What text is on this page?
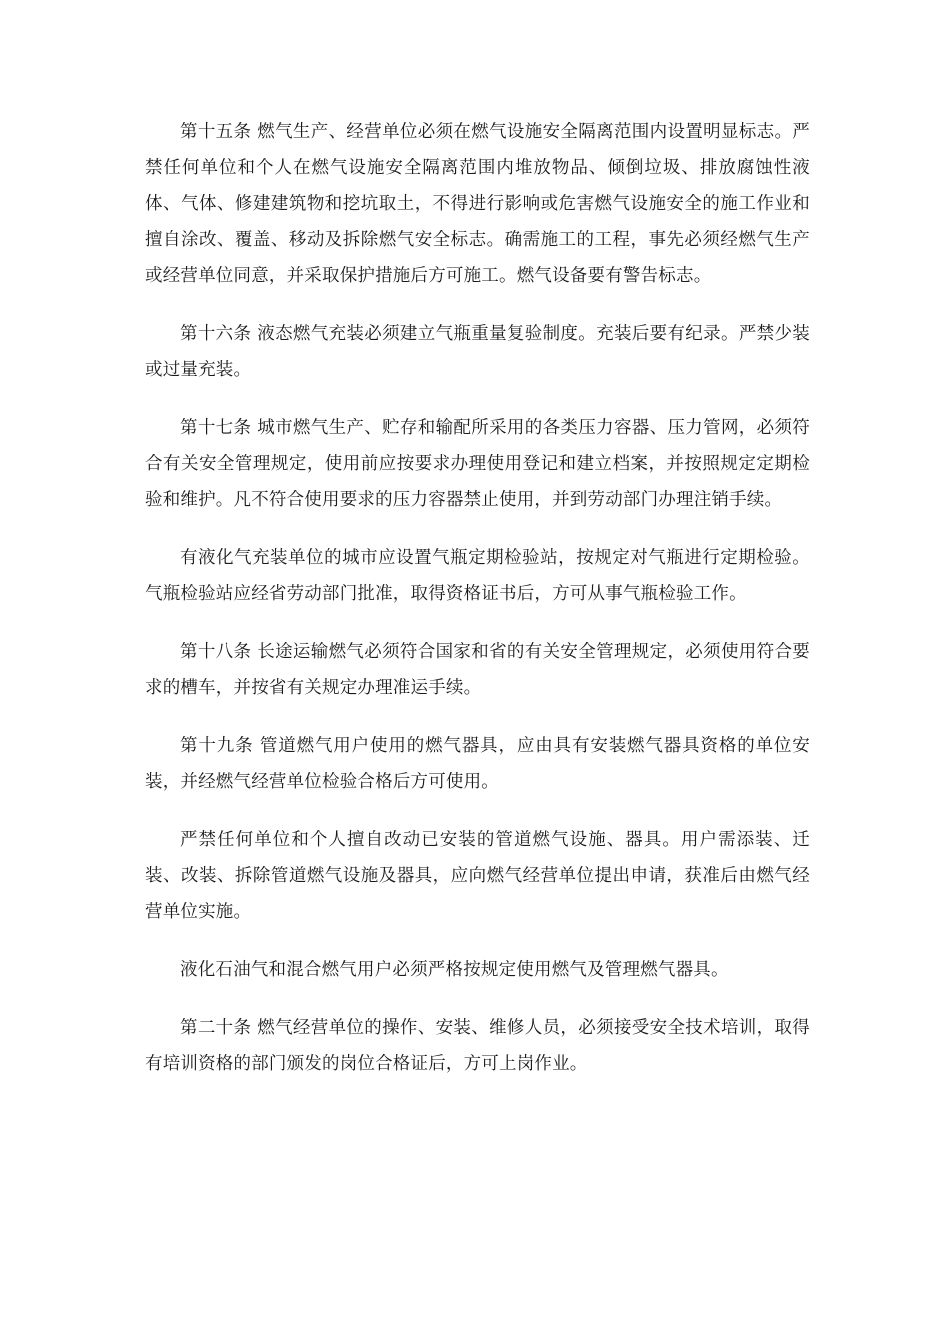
第十五条 燃气生产、经营单位必须在燃气设施安全隔离范围内设置明显标志。严禁任何单位和个人在燃气设施安全隔离范围内堆放物品、倾倒垃圾、排放腐蚀性液体、气体、修建建筑物和挖坑取土，不得进行影响或危害燃气设施安全的施工作业和擅自涂改、覆盖、移动及拆除燃气安全标志。确需施工的工程，事先必须经燃气生产或经营单位同意，并采取保护措施后方可施工。燃气设备要有警告标志。

第十六条 液态燃气充装必须建立气瓶重量复验制度。充装后要有纪录。严禁少装或过量充装。

第十七条 城市燃气生产、贮存和输配所采用的各类压力容器、压力管网，必须符合有关安全管理规定，使用前应按要求办理使用登记和建立档案，并按照规定定期检验和维护。凡不符合使用要求的压力容器禁止使用，并到劳动部门办理注销手续。

有液化气充装单位的城市应设置气瓶定期检验站，按规定对气瓶进行定期检验。气瓶检验站应经省劳动部门批准，取得资格证书后，方可从事气瓶检验工作。

第十八条 长途运输燃气必须符合国家和省的有关安全管理规定，必须使用符合要求的槽车，并按省有关规定办理准运手续。

第十九条 管道燃气用户使用的燃气器具，应由具有安装燃气器具资格的单位安装，并经燃气经营单位检验合格后方可使用。

严禁任何单位和个人擅自改动已安装的管道燃气设施、器具。用户需添装、迁装、改装、拆除管道燃气设施及器具，应向燃气经营单位提出申请，获准后由燃气经营单位实施。

液化石油气和混合燃气用户必须严格按规定使用燃气及管理燃气器具。

第二十条 燃气经营单位的操作、安装、维修人员，必须接受安全技术培训，取得有培训资格的部门颁发的岗位合格证后，方可上岗作业。
